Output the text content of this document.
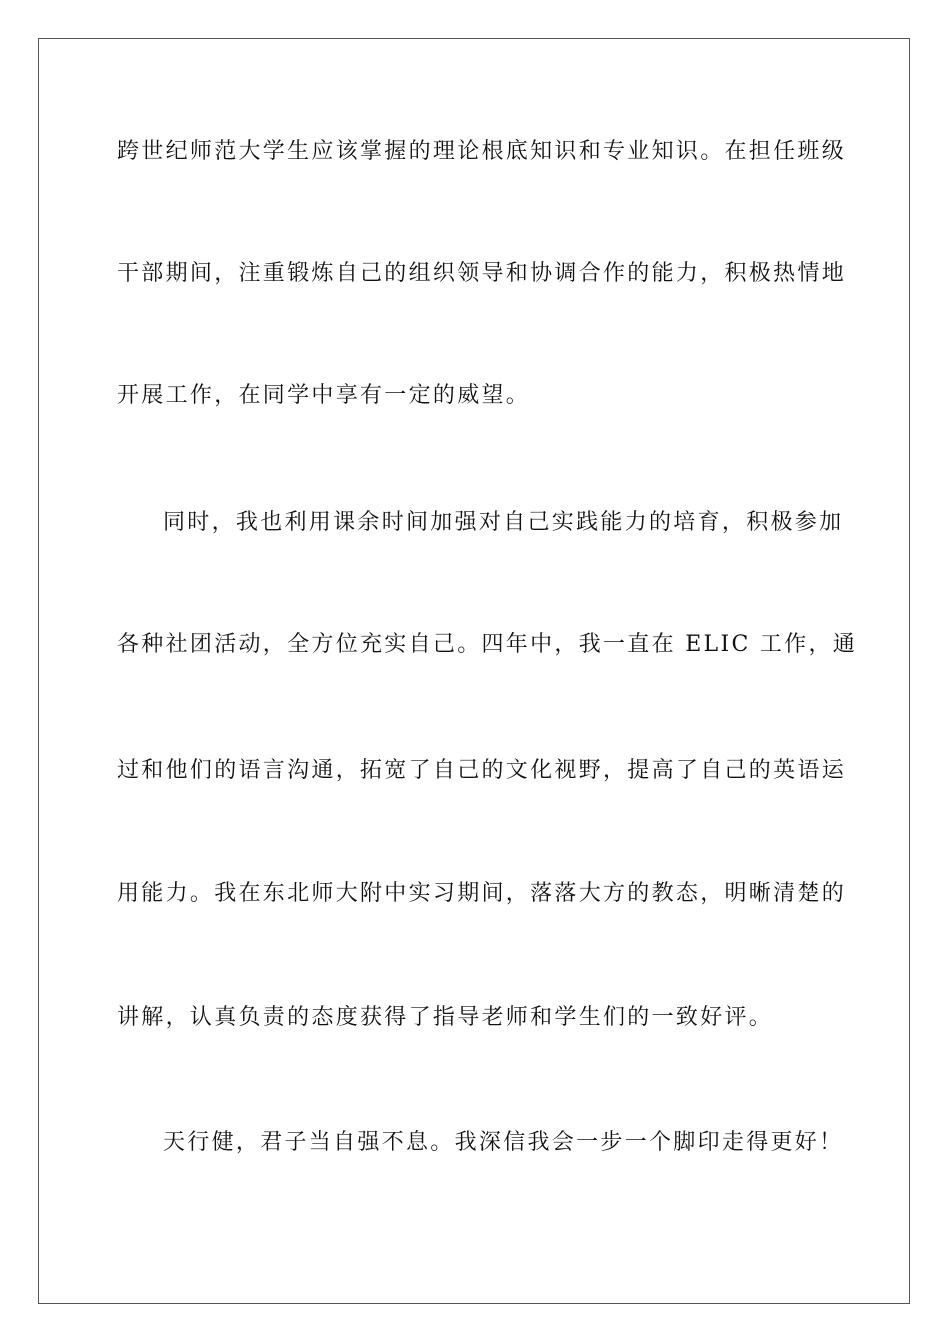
跨世纪师范大学生应该掌握的理论根底知识和专业知识。在担任班级
干部期间，注重锻炼自己的组织领导和协调合作的能力，积极热情地
开展工作，在同学中享有一定的威望。
同时，我也利用课余时间加强对自己实践能力的培育，积极参加
各种社团活动，全方位充实自己。四年中，我一直在 ELIC 工作，通
过和他们的语言沟通，拓宽了自己的文化视野，提高了自己的英语运
用能力。我在东北师大附中实习期间，落落大方的教态，明晰清楚的
讲解，认真负责的态度获得了指导老师和学生们的一致好评。
天行健，君子当自强不息。我深信我会一步一个脚印走得更好！
